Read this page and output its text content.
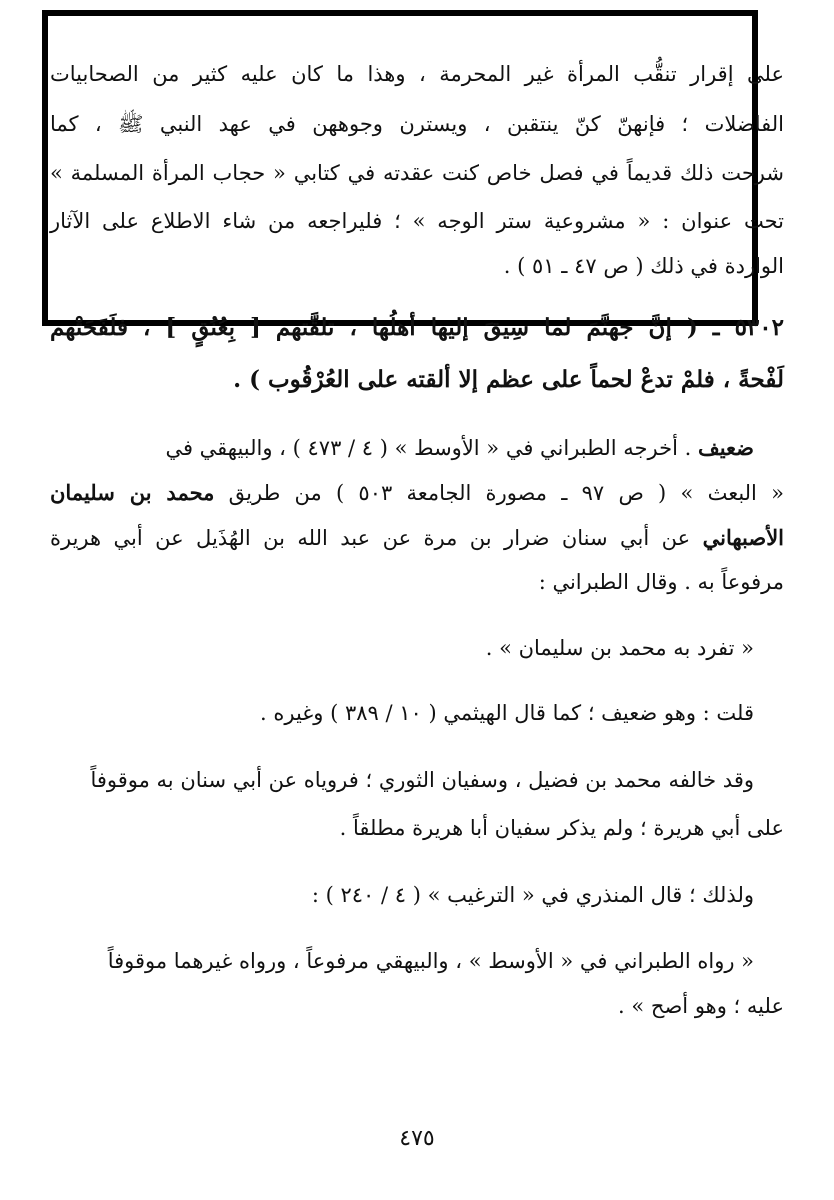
على إقرار تنقُّب المرأة غير المحرمة ، وهذا ما كان عليه كثير من الصحابيات
الفاضلات ؛ فإنهنّ كنّ ينتقبن ، ويسترن وجوههن في عهد النبي ﷺ ، كما
شرحت ذلك قديماً في فصل خاص كنت عقدته في كتابي « حجاب المرأة المسلمة »
تحت عنوان : « مشروعية ستر الوجه » ؛ فليراجعه من شاء الاطلاع على الآثار
الواردة في ذلك ( ص ٤٧ ـ ٥١ ) .
٥٣٠٢ ـ ( إنَّ جهنَّمَ لما سِيقَ إليها أهلُها ، تلقَّتهم [ بِعُنُقٍ ] ، فلَفَحَتْهم
لَفْحةً ، فلمْ تدعْ لحماً على عظم إلا ألقته على العُرْقُوب ) .
ضعيف . أخرجه الطبراني في « الأوسط » ( ٤ / ٤٧٣ ) ، والبيهقي في
« البعث » ( ص ٩٧ ـ مصورة الجامعة ٥٠٣ ) من طريق محمد بن سليمان
الأصبهاني عن أبي سنان ضرار بن مرة عن عبد الله بن الهُذَيل عن أبي هريرة
مرفوعاً به . وقال الطبراني :
« تفرد به محمد بن سليمان » .
قلت : وهو ضعيف ؛ كما قال الهيثمي ( ١٠ / ٣٨٩ ) وغيره .
وقد خالفه محمد بن فضيل ، وسفيان الثوري ؛ فروياه عن أبي سنان به موقوفاً
على أبي هريرة ؛ ولم يذكر سفيان أبا هريرة مطلقاً .
ولذلك ؛ قال المنذري في « الترغيب » ( ٤ / ٢٤٠ ) :
« رواه الطبراني في « الأوسط » ، والبيهقي مرفوعاً ، ورواه غيرهما موقوفاً
عليه ؛ وهو أصح » .
٤٧٥
